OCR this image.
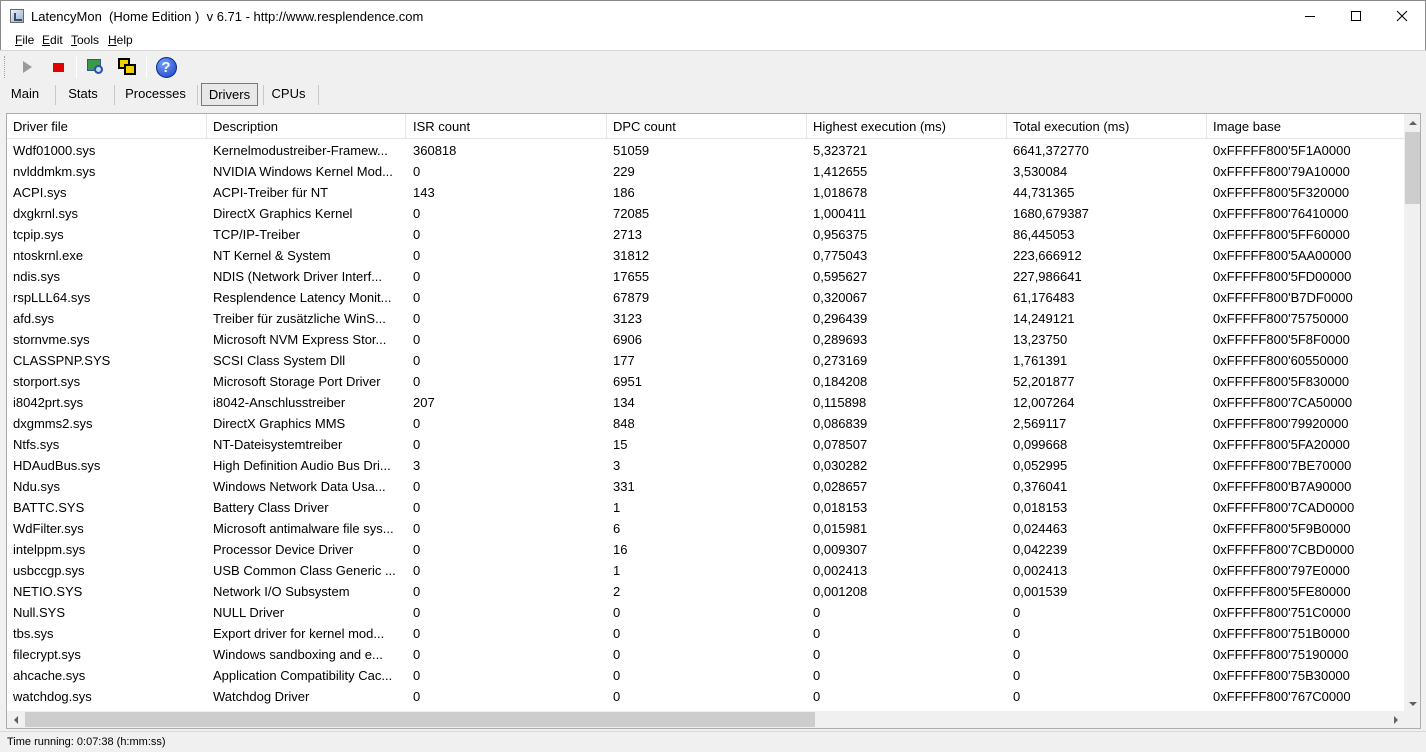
LatencyMon  (Home Edition )  v 6.71 - http://www.resplendence.com
File Edit Tools Help
?
Main	Stats	Processes	Drivers	CPUs
Driver file	Description	ISR count	DPC count	Highest execution (ms)	Total execution (ms)	Image base
Wdf01000.sys	Kernelmodustreiber-Framew...	360818	51059	5,323721	6641,372770	0xFFFFF800'5F1A0000
nvlddmkm.sys	NVIDIA Windows Kernel Mod...	0	229	1,412655	3,530084	0xFFFFF800'79A10000
ACPI.sys	ACPI-Treiber für NT	143	186	1,018678	44,731365	0xFFFFF800'5F320000
dxgkrnl.sys	DirectX Graphics Kernel	0	72085	1,000411	1680,679387	0xFFFFF800'76410000
tcpip.sys	TCP/IP-Treiber	0	2713	0,956375	86,445053	0xFFFFF800'5FF60000
ntoskrnl.exe	NT Kernel & System	0	31812	0,775043	223,666912	0xFFFFF800'5AA00000
ndis.sys	NDIS (Network Driver Interf...	0	17655	0,595627	227,986641	0xFFFFF800'5FD00000
rspLLL64.sys	Resplendence Latency Monit...	0	67879	0,320067	61,176483	0xFFFFF800'B7DF0000
afd.sys	Treiber für zusätzliche WinS...	0	3123	0,296439	14,249121	0xFFFFF800'75750000
stornvme.sys	Microsoft NVM Express Stor...	0	6906	0,289693	13,23750	0xFFFFF800'5F8F0000
CLASSPNP.SYS	SCSI Class System Dll	0	177	0,273169	1,761391	0xFFFFF800'60550000
storport.sys	Microsoft Storage Port Driver	0	6951	0,184208	52,201877	0xFFFFF800'5F830000
i8042prt.sys	i8042-Anschlusstreiber	207	134	0,115898	12,007264	0xFFFFF800'7CA50000
dxgmms2.sys	DirectX Graphics MMS	0	848	0,086839	2,569117	0xFFFFF800'79920000
Ntfs.sys	NT-Dateisystemtreiber	0	15	0,078507	0,099668	0xFFFFF800'5FA20000
HDAudBus.sys	High Definition Audio Bus Dri...	3	3	0,030282	0,052995	0xFFFFF800'7BE70000
Ndu.sys	Windows Network Data Usa...	0	331	0,028657	0,376041	0xFFFFF800'B7A90000
BATTC.SYS	Battery Class Driver	0	1	0,018153	0,018153	0xFFFFF800'7CAD0000
WdFilter.sys	Microsoft antimalware file sys...	0	6	0,015981	0,024463	0xFFFFF800'5F9B0000
intelppm.sys	Processor Device Driver	0	16	0,009307	0,042239	0xFFFFF800'7CBD0000
usbccgp.sys	USB Common Class Generic ...	0	1	0,002413	0,002413	0xFFFFF800'797E0000
NETIO.SYS	Network I/O Subsystem	0	2	0,001208	0,001539	0xFFFFF800'5FE80000
Null.SYS	NULL Driver	0	0	0	0	0xFFFFF800'751C0000
tbs.sys	Export driver for kernel mod...	0	0	0	0	0xFFFFF800'751B0000
filecrypt.sys	Windows sandboxing and e...	0	0	0	0	0xFFFFF800'75190000
ahcache.sys	Application Compatibility Cac...	0	0	0	0	0xFFFFF800'75B30000
watchdog.sys	Watchdog Driver	0	0	0	0	0xFFFFF800'767C0000
Time running: 0:07:38 (h:mm:ss)
